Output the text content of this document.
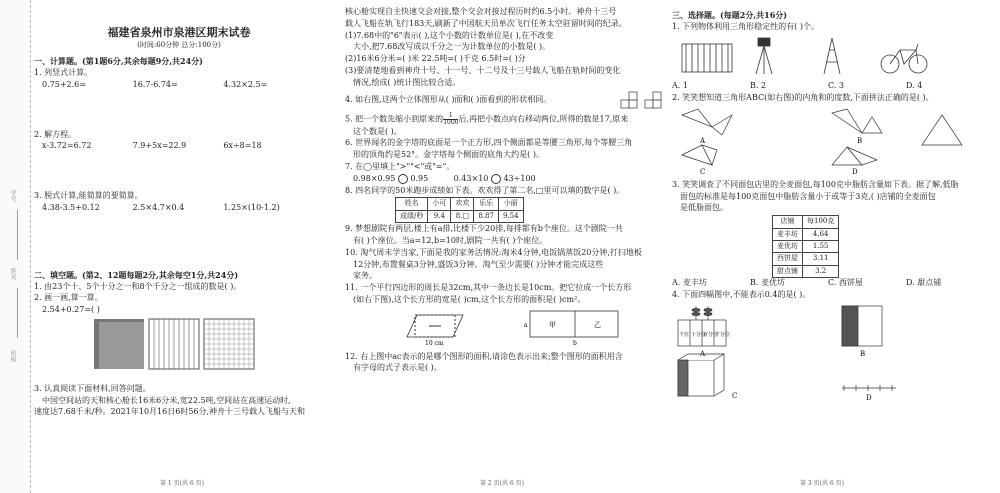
学号
姓名
班级
福建省泉州市泉港区期末试卷
(时间:60分钟 总分:100分)
一、计算题。(第1题6分,其余每题9分,共24分)

1. 列竖式计算。

0.75+2.6=	16.7-6.74=	4.32×2.5=

2. 解方程。

x-3.72=6.72	7.9+5x=22.9	6x÷8=18

3. 脱式计算,能简算的要简算。

4.38-3.5+0.12	2.5×4.7×0.4	1.25×(10-1.2)
二、填空题。(第2、12题每题2分,其余每空1分,共24分)

1. 由23个十、5个十分之一和8个千分之一组成的数是( )。

2. 画一画,算一算。

2.54+0.27=( )

3. 认真阅读下面材料,回答问题。

中国空间站的天和核心舱长16米6分米,宽22.5吨,空间站在高速运动时,

速度达7.68千米/秒。2021年10月16日6时56分,神舟十三号载人飞船与天和

第 1 页(共 6 页)

核心舱实现自主快速交会对接,整个交会对接过程历时约6.5小时。神舟十三号

载人飞船在轨飞行183天,刷新了中国航天员单次飞行任务太空驻留时间的纪录。

(1)7.68中的"6"表示( ),这个小数的计数单位是( ),在不改变

大小,把7.68改写成以千分之一为计数单位的小数是( )。

(2)16米6分米=( )米 22.5吨=( )千克 6.5时=( )分

(3)要清楚地看到神舟十号、十一号、十二号及十三号载人飞船在轨时间的变化

情况,绘成( )统计图比较合适。

4. 如右图,这两个立体图形从( )面和( )面看到的形状相同。

5. 把一个数先缩小到原来的 $\frac{1}{1000}$ 后,再把小数点向右移动两位,所得的数是17,原来

这个数是( )。

6. 世界闻名的金字塔的底面是一个正方形,四个侧面都是等腰三角形,每个等腰三角

形的顶角约是52°。金字塔每个侧面的底角大约是( )。

7. 在◯里填上">""<"或"="。

0.98×0.95 0.95	0.43×10 43÷100

8. 四名同学的50米跑步成绩如下表。欢欢得了第二名,□里可以填的数字是( )。

姓名	小可	欢欢	乐乐	小丽
成绩/秒	9.4	8.□	8.87	9.54

9. 梦想剧院有两层,楼上有a排,比楼下少20排,每排都有b个座位。这个剧院一共

有( )个座位。当a=12,b=10时,剧院一共有( )个座位。

10. 淘气周末学当家,下面是我的家务活情况:淘米4分钟,电饭锅蒸饭20分钟,打扫地板

12分钟,布置餐桌3分钟,盛饭3分钟。淘气至少需要( )分钟才能完成这些

家务。

11. 一个平行四边形的周长是32cm,其中一条边长是10cm。把它拉成一个长方形

(如右下图),这个长方形的宽是( )cm,这个长方形的面积是( )cm²。

10 cm
a	甲	乙
b

12. 右上图中ac表示的是哪个图形的面积,请涂色表示出来;整个图形的面积用含

有字母的式子表示是( )。

第 2 页(共 6 页)
三、选择题。(每题2分,共16分)

1. 下列物体利用三角形稳定性的有( )个。

A. 1	B. 2	C. 3	D. 4

2. 笑笑想知道三角形ABC(如右图)的内角和的度数,下面拼法正确的是( )。

A	B
C	D

3. 笑笑调查了不同面包店里的全麦面包,每100克中脂肪含量如下表。据了解,低脂

面包的标准是每100克面包中脂肪含量小于或等于3克,( )店铺的全麦面包

是低脂面包。

店铺	每100克
麦丰坊	4.64
麦优坊	1.55
西饼屋	3.11
甜点铺	3.2
A. 麦丰坊	B. 麦优坊	C. 西饼屋	D. 甜点铺

4. 下面四幅图中,不能表示0.4的是( )。

个位 十分位
百分位
千分位
A	B
C	D
第 3 页(共 6 页)
